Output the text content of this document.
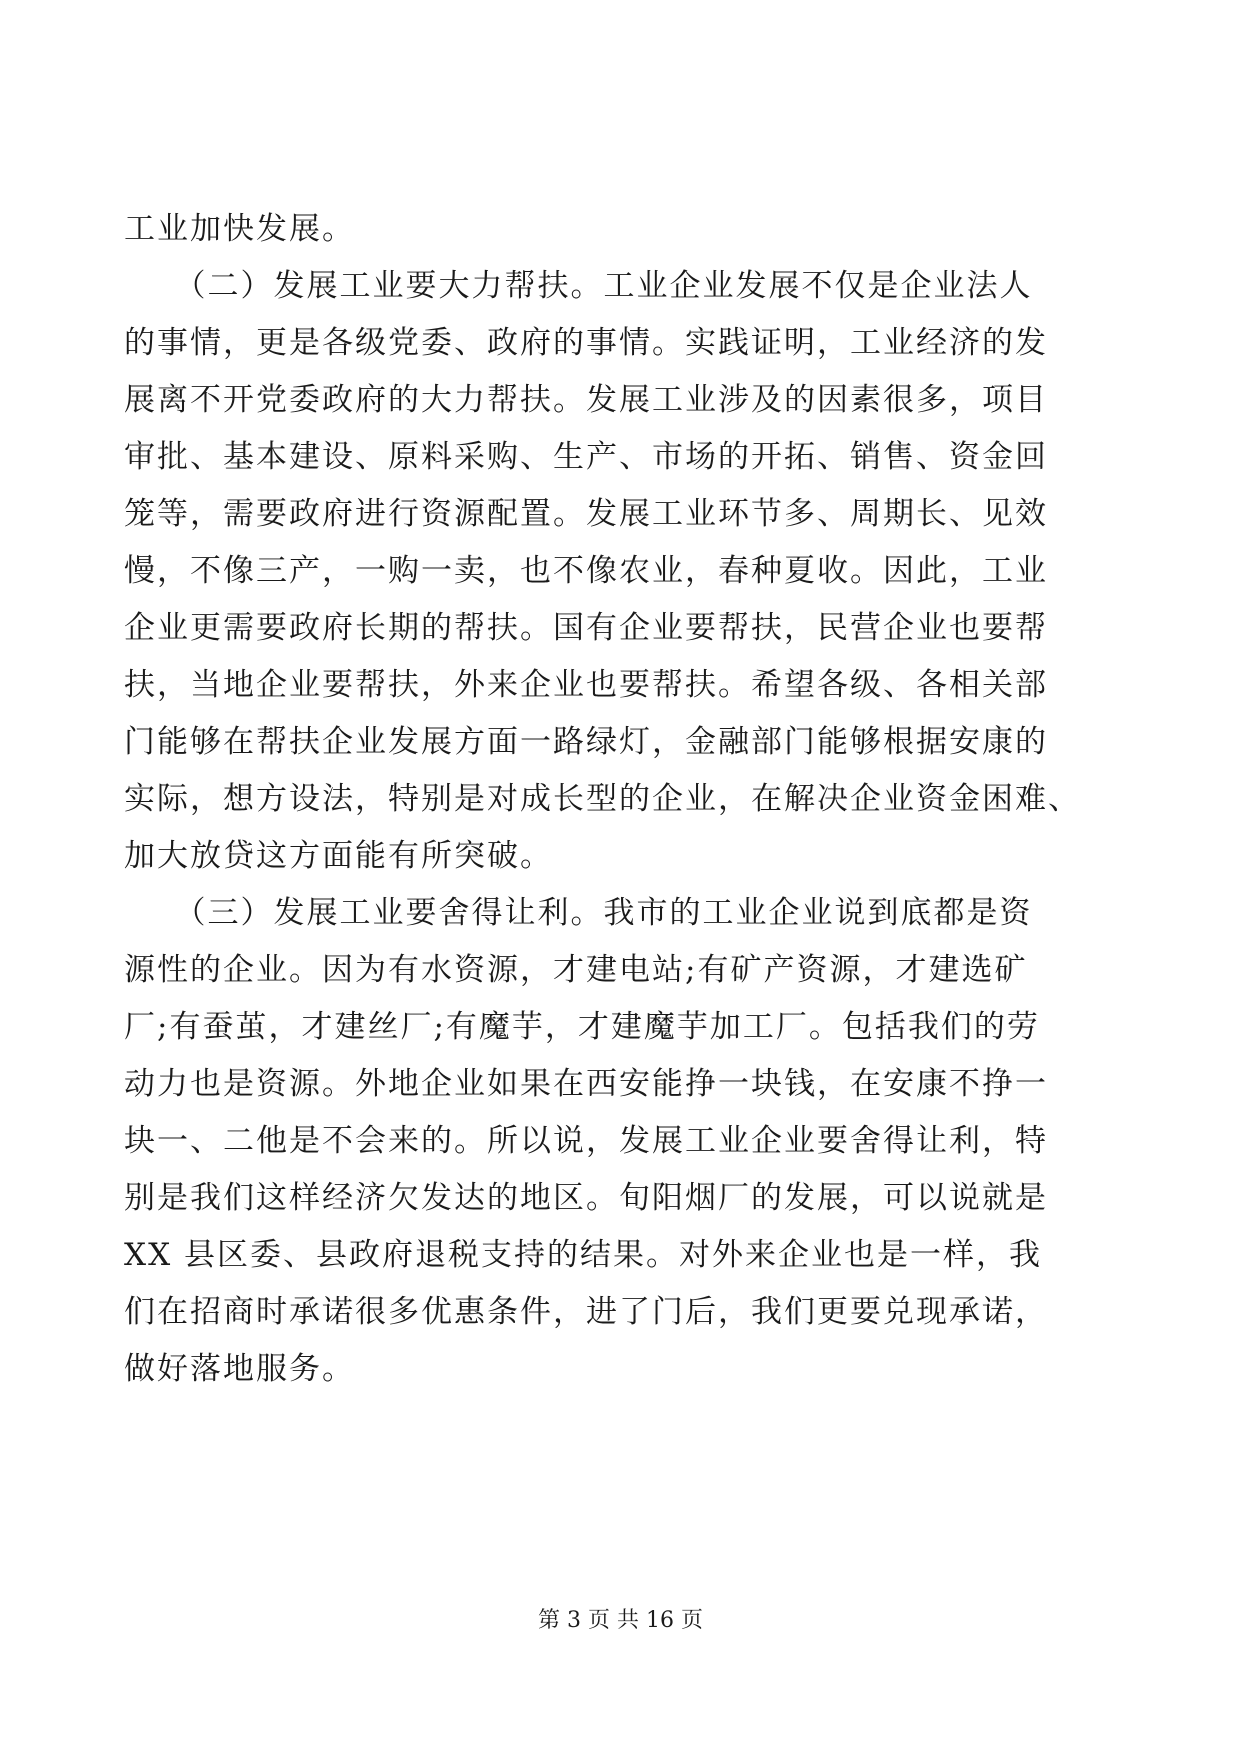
工业加快发展。
　　（二）发展工业要大力帮扶。工业企业发展不仅是企业法人
的事情，更是各级党委、政府的事情。实践证明，工业经济的发
展离不开党委政府的大力帮扶。发展工业涉及的因素很多，项目
审批、基本建设、原料采购、生产、市场的开拓、销售、资金回
笼等，需要政府进行资源配置。发展工业环节多、周期长、见效
慢，不像三产，一购一卖，也不像农业，春种夏收。因此，工业
企业更需要政府长期的帮扶。国有企业要帮扶，民营企业也要帮
扶，当地企业要帮扶，外来企业也要帮扶。希望各级、各相关部
门能够在帮扶企业发展方面一路绿灯，金融部门能够根据安康的
实际，想方设法，特别是对成长型的企业，在解决企业资金困难、
加大放贷这方面能有所突破。
　　（三）发展工业要舍得让利。我市的工业企业说到底都是资
源性的企业。因为有水资源，才建电站;有矿产资源，才建选矿
厂;有蚕茧，才建丝厂;有魔芋，才建魔芋加工厂。包括我们的劳
动力也是资源。外地企业如果在西安能挣一块钱，在安康不挣一
块一、二他是不会来的。所以说，发展工业企业要舍得让利，特
别是我们这样经济欠发达的地区。旬阳烟厂的发展，可以说就是
XX 县区委、县政府退税支持的结果。对外来企业也是一样，我
们在招商时承诺很多优惠条件，进了门后，我们更要兑现承诺，
做好落地服务。
第 3 页 共 16 页
